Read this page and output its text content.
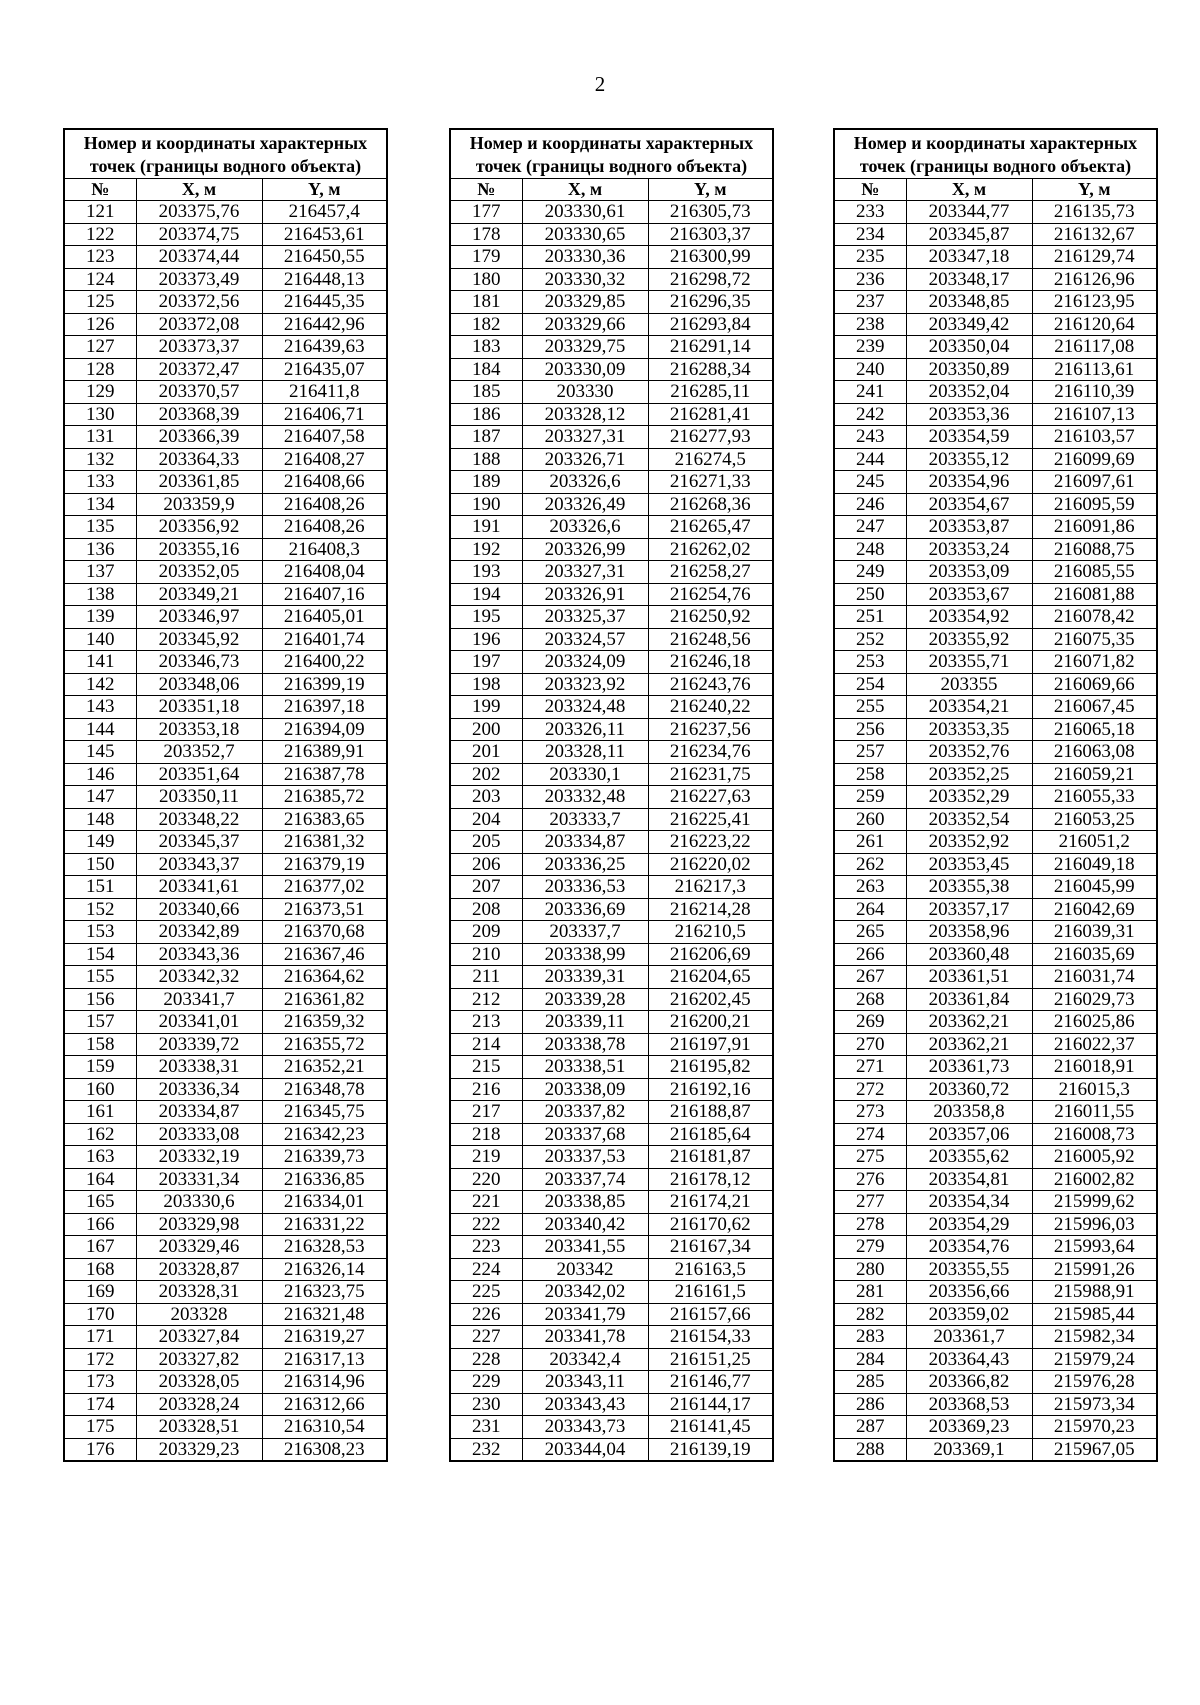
2
Номер и координаты характерных точек (границы водного объекта)		
№	X, м	Y, м
121	203375,76	216457,4
122	203374,75	216453,61
123	203374,44	216450,55
124	203373,49	216448,13
125	203372,56	216445,35
126	203372,08	216442,96
127	203373,37	216439,63
128	203372,47	216435,07
129	203370,57	216411,8
130	203368,39	216406,71
131	203366,39	216407,58
132	203364,33	216408,27
133	203361,85	216408,66
134	203359,9	216408,26
135	203356,92	216408,26
136	203355,16	216408,3
137	203352,05	216408,04
138	203349,21	216407,16
139	203346,97	216405,01
140	203345,92	216401,74
141	203346,73	216400,22
142	203348,06	216399,19
143	203351,18	216397,18
144	203353,18	216394,09
145	203352,7	216389,91
146	203351,64	216387,78
147	203350,11	216385,72
148	203348,22	216383,65
149	203345,37	216381,32
150	203343,37	216379,19
151	203341,61	216377,02
152	203340,66	216373,51
153	203342,89	216370,68
154	203343,36	216367,46
155	203342,32	216364,62
156	203341,7	216361,82
157	203341,01	216359,32
158	203339,72	216355,72
159	203338,31	216352,21
160	203336,34	216348,78
161	203334,87	216345,75
162	203333,08	216342,23
163	203332,19	216339,73
164	203331,34	216336,85
165	203330,6	216334,01
166	203329,98	216331,22
167	203329,46	216328,53
168	203328,87	216326,14
169	203328,31	216323,75
170	203328	216321,48
171	203327,84	216319,27
172	203327,82	216317,13
173	203328,05	216314,96
174	203328,24	216312,66
175	203328,51	216310,54
176	203329,23	216308,23
Номер и координаты характерных точек (границы водного объекта)		
№	X, м	Y, м
177	203330,61	216305,73
178	203330,65	216303,37
179	203330,36	216300,99
180	203330,32	216298,72
181	203329,85	216296,35
182	203329,66	216293,84
183	203329,75	216291,14
184	203330,09	216288,34
185	203330	216285,11
186	203328,12	216281,41
187	203327,31	216277,93
188	203326,71	216274,5
189	203326,6	216271,33
190	203326,49	216268,36
191	203326,6	216265,47
192	203326,99	216262,02
193	203327,31	216258,27
194	203326,91	216254,76
195	203325,37	216250,92
196	203324,57	216248,56
197	203324,09	216246,18
198	203323,92	216243,76
199	203324,48	216240,22
200	203326,11	216237,56
201	203328,11	216234,76
202	203330,1	216231,75
203	203332,48	216227,63
204	203333,7	216225,41
205	203334,87	216223,22
206	203336,25	216220,02
207	203336,53	216217,3
208	203336,69	216214,28
209	203337,7	216210,5
210	203338,99	216206,69
211	203339,31	216204,65
212	203339,28	216202,45
213	203339,11	216200,21
214	203338,78	216197,91
215	203338,51	216195,82
216	203338,09	216192,16
217	203337,82	216188,87
218	203337,68	216185,64
219	203337,53	216181,87
220	203337,74	216178,12
221	203338,85	216174,21
222	203340,42	216170,62
223	203341,55	216167,34
224	203342	216163,5
225	203342,02	216161,5
226	203341,79	216157,66
227	203341,78	216154,33
228	203342,4	216151,25
229	203343,11	216146,77
230	203343,43	216144,17
231	203343,73	216141,45
232	203344,04	216139,19
Номер и координаты характерных точек (границы водного объекта)		
№	X, м	Y, м
233	203344,77	216135,73
234	203345,87	216132,67
235	203347,18	216129,74
236	203348,17	216126,96
237	203348,85	216123,95
238	203349,42	216120,64
239	203350,04	216117,08
240	203350,89	216113,61
241	203352,04	216110,39
242	203353,36	216107,13
243	203354,59	216103,57
244	203355,12	216099,69
245	203354,96	216097,61
246	203354,67	216095,59
247	203353,87	216091,86
248	203353,24	216088,75
249	203353,09	216085,55
250	203353,67	216081,88
251	203354,92	216078,42
252	203355,92	216075,35
253	203355,71	216071,82
254	203355	216069,66
255	203354,21	216067,45
256	203353,35	216065,18
257	203352,76	216063,08
258	203352,25	216059,21
259	203352,29	216055,33
260	203352,54	216053,25
261	203352,92	216051,2
262	203353,45	216049,18
263	203355,38	216045,99
264	203357,17	216042,69
265	203358,96	216039,31
266	203360,48	216035,69
267	203361,51	216031,74
268	203361,84	216029,73
269	203362,21	216025,86
270	203362,21	216022,37
271	203361,73	216018,91
272	203360,72	216015,3
273	203358,8	216011,55
274	203357,06	216008,73
275	203355,62	216005,92
276	203354,81	216002,82
277	203354,34	215999,62
278	203354,29	215996,03
279	203354,76	215993,64
280	203355,55	215991,26
281	203356,66	215988,91
282	203359,02	215985,44
283	203361,7	215982,34
284	203364,43	215979,24
285	203366,82	215976,28
286	203368,53	215973,34
287	203369,23	215970,23
288	203369,1	215967,05
